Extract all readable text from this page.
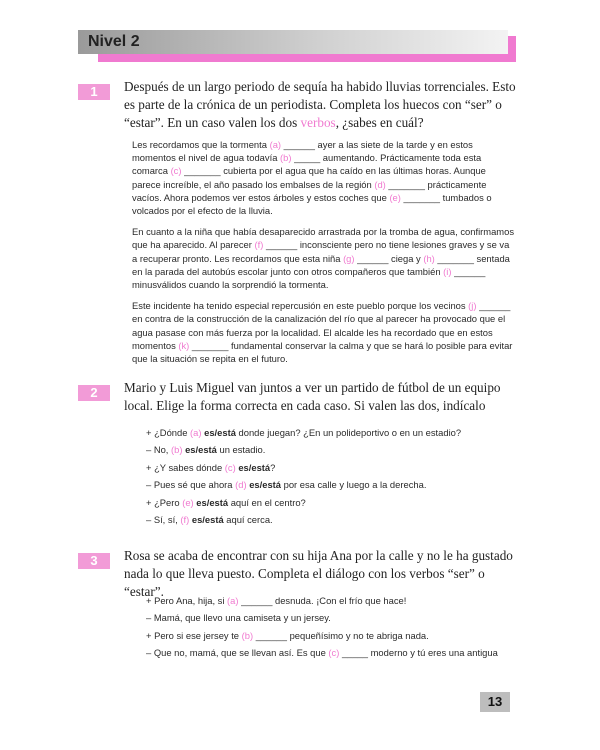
Nivel 2
1	Después de un largo periodo de sequía ha habido lluvias torrenciales. Esto es parte de la crónica de un periodista. Completa los huecos con “ser” o “estar”. En un caso valen los dos verbos, ¿sabes en cuál?

Les recordamos que la tormenta (a) ______ ayer a las siete de la tarde y en estos momentos el nivel de agua todavía (b) _____ aumentando. Prácticamente toda esta comarca (c) _______ cubierta por el agua que ha caído en las últimas horas. Aunque parece increíble, el año pasado los embalses de la región (d) _______ prácticamente vacíos. Ahora podemos ver estos árboles y estos coches que (e) _______ tumbados o volcados por el efecto de la lluvia.

En cuanto a la niña que había desaparecido arrastrada por la tromba de agua, confirmamos que ha aparecido. Al parecer (f) ______ inconsciente pero no tiene lesiones graves y se va a recuperar pronto. Les recordamos que esta niña (g) ______ ciega y (h) _______ sentada en la parada del autobús escolar junto con otros compañeros que también (i) ______ minusválidos cuando la sorprendió la tormenta.

Este incidente ha tenido especial repercusión en este pueblo porque los vecinos (j) ______ en contra de la construcción de la canalización del río que al parecer ha provocado que el agua pasase con más fuerza por la localidad. El alcalde les ha recordado que en estos momentos (k) _______ fundamental conservar la calma y que se hará lo posible para evitar que la situación se repita en el futuro.

2	Mario y Luis Miguel van juntos a ver un partido de fútbol de un equipo local. Elige la forma correcta en cada caso. Si valen las dos, indícalo

+ ¿Dónde (a) es/está donde juegan? ¿En un polideportivo o en un estadio?
– No, (b) es/está un estadio.
+ ¿Y sabes dónde (c) es/está?
– Pues sé que ahora (d) es/está por esa calle y luego a la derecha.
+ ¿Pero (e) es/está aquí en el centro?
– Sí, sí, (f) es/está aquí cerca.
3	Rosa se acaba de encontrar con su hija Ana por la calle y no le ha gustado nada lo que lleva puesto. Completa el diálogo con los verbos “ser” o “estar”.

+ Pero Ana, hija, si (a) ______ desnuda. ¡Con el frío que hace!
– Mamá, que llevo una camiseta y un jersey.
+ Pero si ese jersey te (b) ______ pequeñísimo y no te abriga nada.
– Que no, mamá, que se llevan así. Es que (c) _____ moderno y tú eres una antigua
13
